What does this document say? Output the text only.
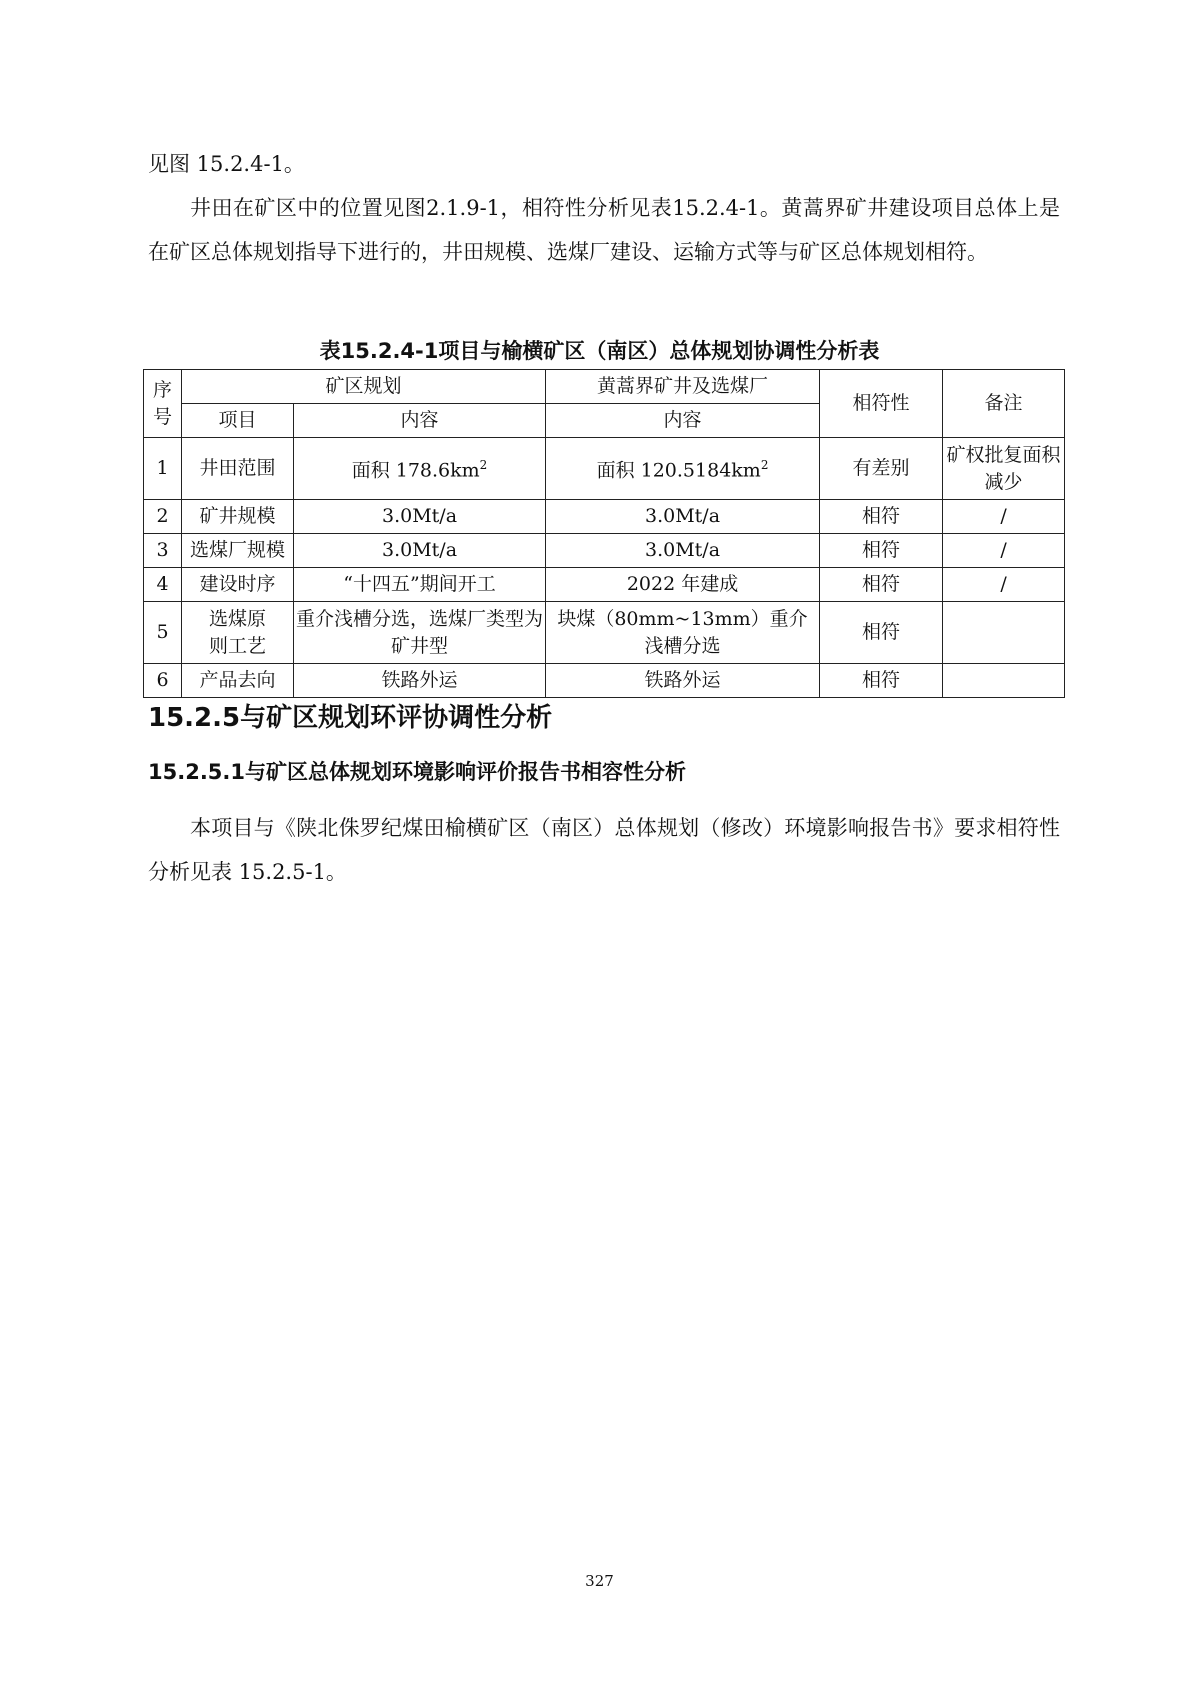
见图 15.2.4-1。

井田在矿区中的位置见图2.1.9-1，相符性分析见表15.2.4-1。黄蒿界矿井建设项目总体上是在矿区总体规划指导下进行的，井田规模、选煤厂建设、运输方式等与矿区总体规划相符。

表15.2.4-1项目与榆横矿区（南区）总体规划协调性分析表
序号	矿区规划		黄蒿界矿井及选煤厂	相符性	备注
	项目	内容	内容		
1	井田范围	面积 $178.6km^2$	面积 $120.5184km^2$	有差别	矿权批复面积减少
2	矿井规模	3.0Mt/a	3.0Mt/a	相符	/
3	选煤厂规模	3.0Mt/a	3.0Mt/a	相符	/
4	建设时序	“十四五”期间开工	2022 年建成	相符	/
5	选煤原则工艺	重介浅槽分选，选煤厂类型为矿井型	块煤（80mm~13mm）重介浅槽分选	相符	
6	产品去向	铁路外运	铁路外运	相符	
15.2.5与矿区规划环评协调性分析
15.2.5.1与矿区总体规划环境影响评价报告书相容性分析

本项目与《陕北侏罗纪煤田榆横矿区（南区）总体规划（修改）环境影响报告书》要求相符性分析见表 15.2.5-1。

327
